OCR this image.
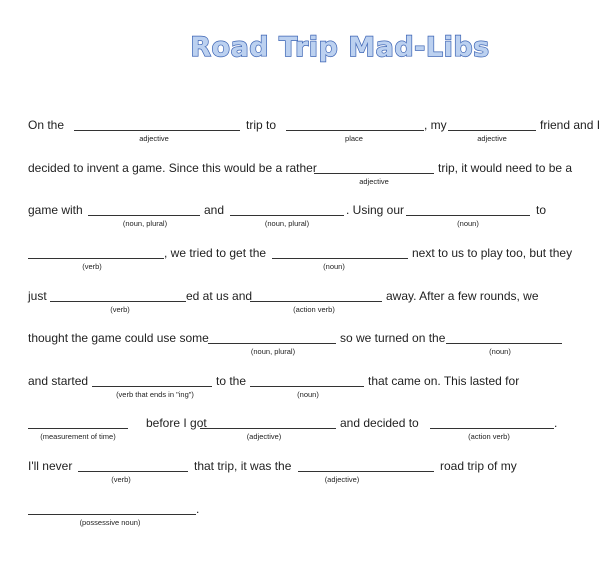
Road Trip Mad-Libs
On the	trip to	, my	friend and I
adjective	place	adjective
decided to invent a game. Since this would be a rather	trip, it would need to be a
adjective
game with	and	. Using our	to
(noun, plural)	(noun, plural)	(noun)
, we tried to get the	next to us to play too, but they
(verb)	(noun)
just	ed at us and	away. After a few rounds, we
(verb)	(action verb)
thought the game could use some	so we turned on the
(noun, plural)	(noun)
and started	to the	that came on. This lasted for
(verb that ends in "ing")	(noun)
before I got	and decided to	.
(measurement of time)	(adjective)	(action verb)
I'll never	that trip, it was the	road trip of my
(verb)	(adjective)
.
(possessive noun)
